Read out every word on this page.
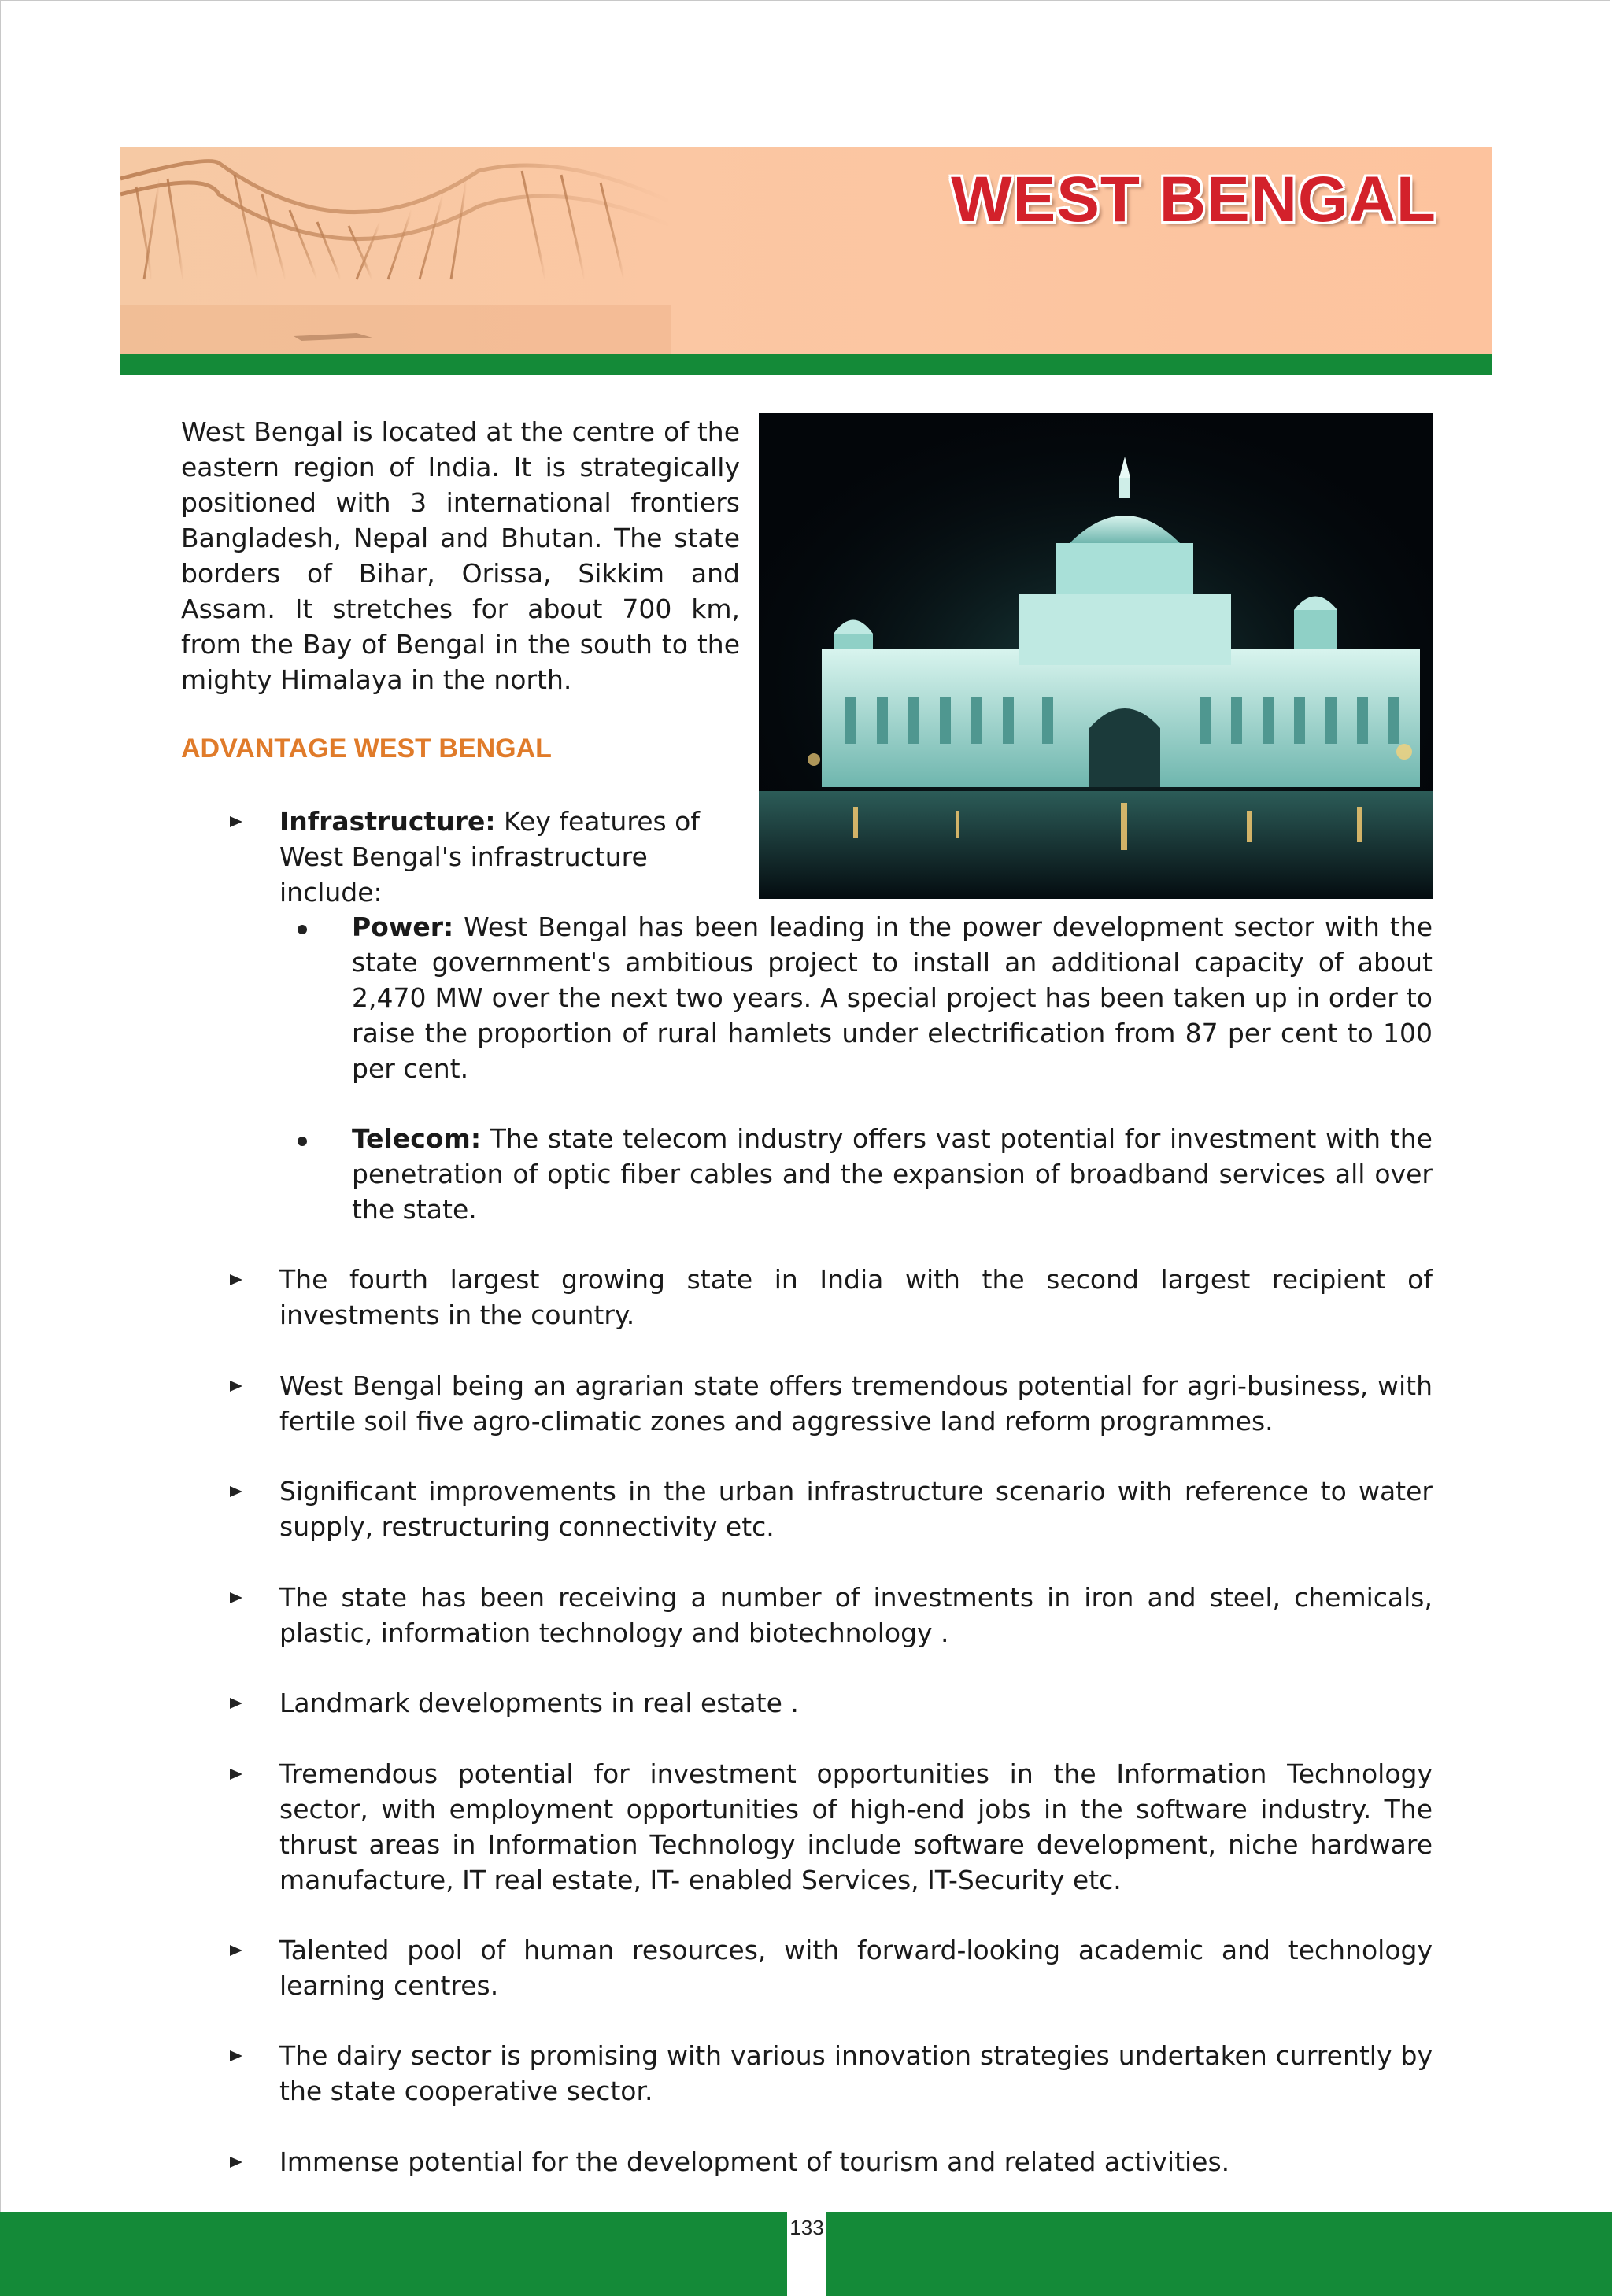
WEST BENGAL

West Bengal is located at the centre of the eastern region of India. It is strategically positioned with 3 international frontiers Bangladesh, Nepal and Bhutan. The state borders of Bihar, Orissa, Sikkim and Assam. It stretches for about 700 km, from the Bay of Bengal in the south to the mighty Himalaya in the north.

ADVANTAGE WEST BENGAL

Infrastructure: Key features of West Bengal's infrastructure include:

Power: West Bengal has been leading in the power development sector with the state government's ambitious project to install an additional capacity of about 2,470 MW over the next two years. A special project has been taken up in order to raise the proportion of rural hamlets under electrification from 87 per cent to 100 per cent.

Telecom: The state telecom industry offers vast potential for investment with the penetration of optic fiber cables and the expansion of broadband services all over the state.

The fourth largest growing state in India with the second largest recipient of investments in the country.

West Bengal being an agrarian state offers tremendous potential for agri-business, with fertile soil five agro-climatic zones and aggressive land reform programmes.

Significant improvements in the urban infrastructure scenario with reference to water supply, restructuring connectivity etc.

The state has been receiving a number of investments in iron and steel, chemicals, plastic, information technology and biotechnology .

Landmark developments in real estate .

Tremendous potential for investment opportunities in the Information Technology sector, with employment opportunities of high-end jobs in the software industry. The thrust areas in Information Technology include software development, niche hardware manufacture, IT real estate, IT- enabled Services, IT-Security etc.

Talented pool of human resources, with forward-looking academic and technology learning centres.

The dairy sector is promising with various innovation strategies undertaken currently by the state cooperative sector.

Immense potential for the development of tourism and related activities.

133
